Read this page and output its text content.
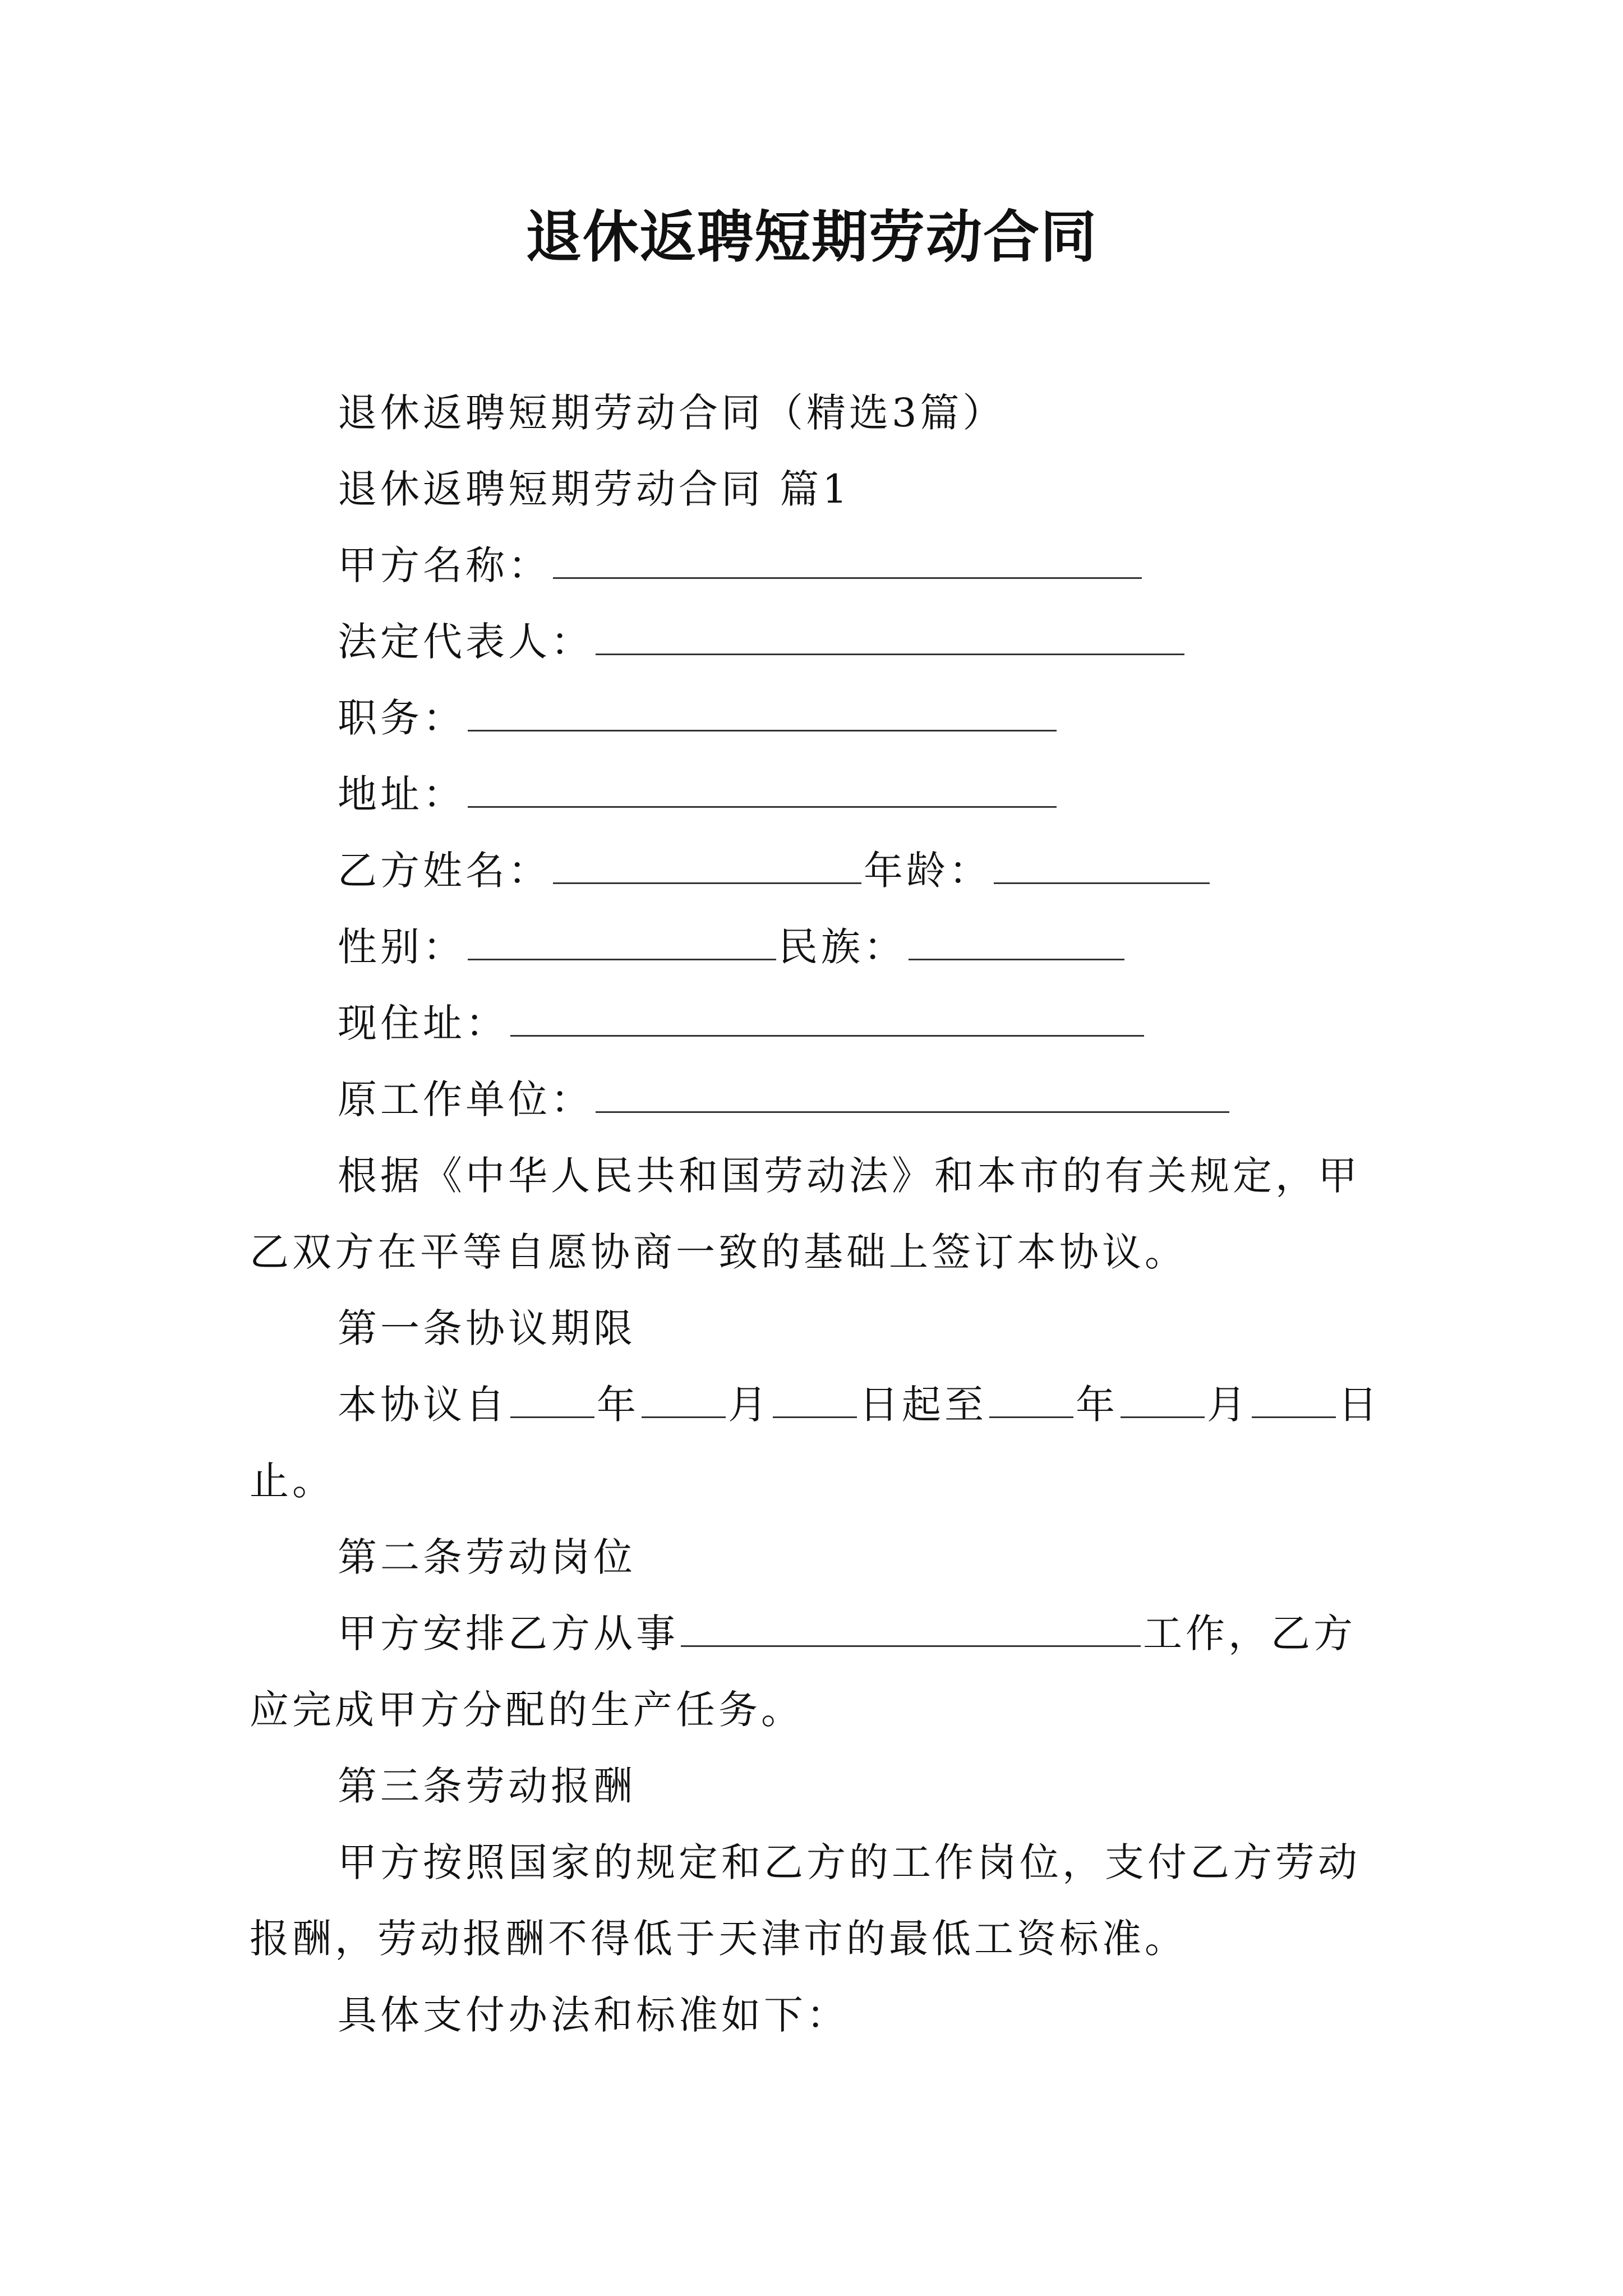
退休返聘短期劳动合同
退休返聘短期劳动合同（精选3篇）
退休返聘短期劳动合同 篇1
甲方名称：
法定代表人：
职务：
地址：
乙方姓名：	年龄：
性别：	民族：
现住址：
原工作单位：
根据《中华人民共和国劳动法》和本市的有关规定，甲
乙双方在平等自愿协商一致的基础上签订本协议。
第一条协议期限
本协议自 年 月 日起至 年 月 日
止。
第二条劳动岗位
甲方安排乙方从事	工作，乙方
应完成甲方分配的生产任务。
第三条劳动报酬
甲方按照国家的规定和乙方的工作岗位，支付乙方劳动
报酬，劳动报酬不得低于天津市的最低工资标准。
具体支付办法和标准如下：
